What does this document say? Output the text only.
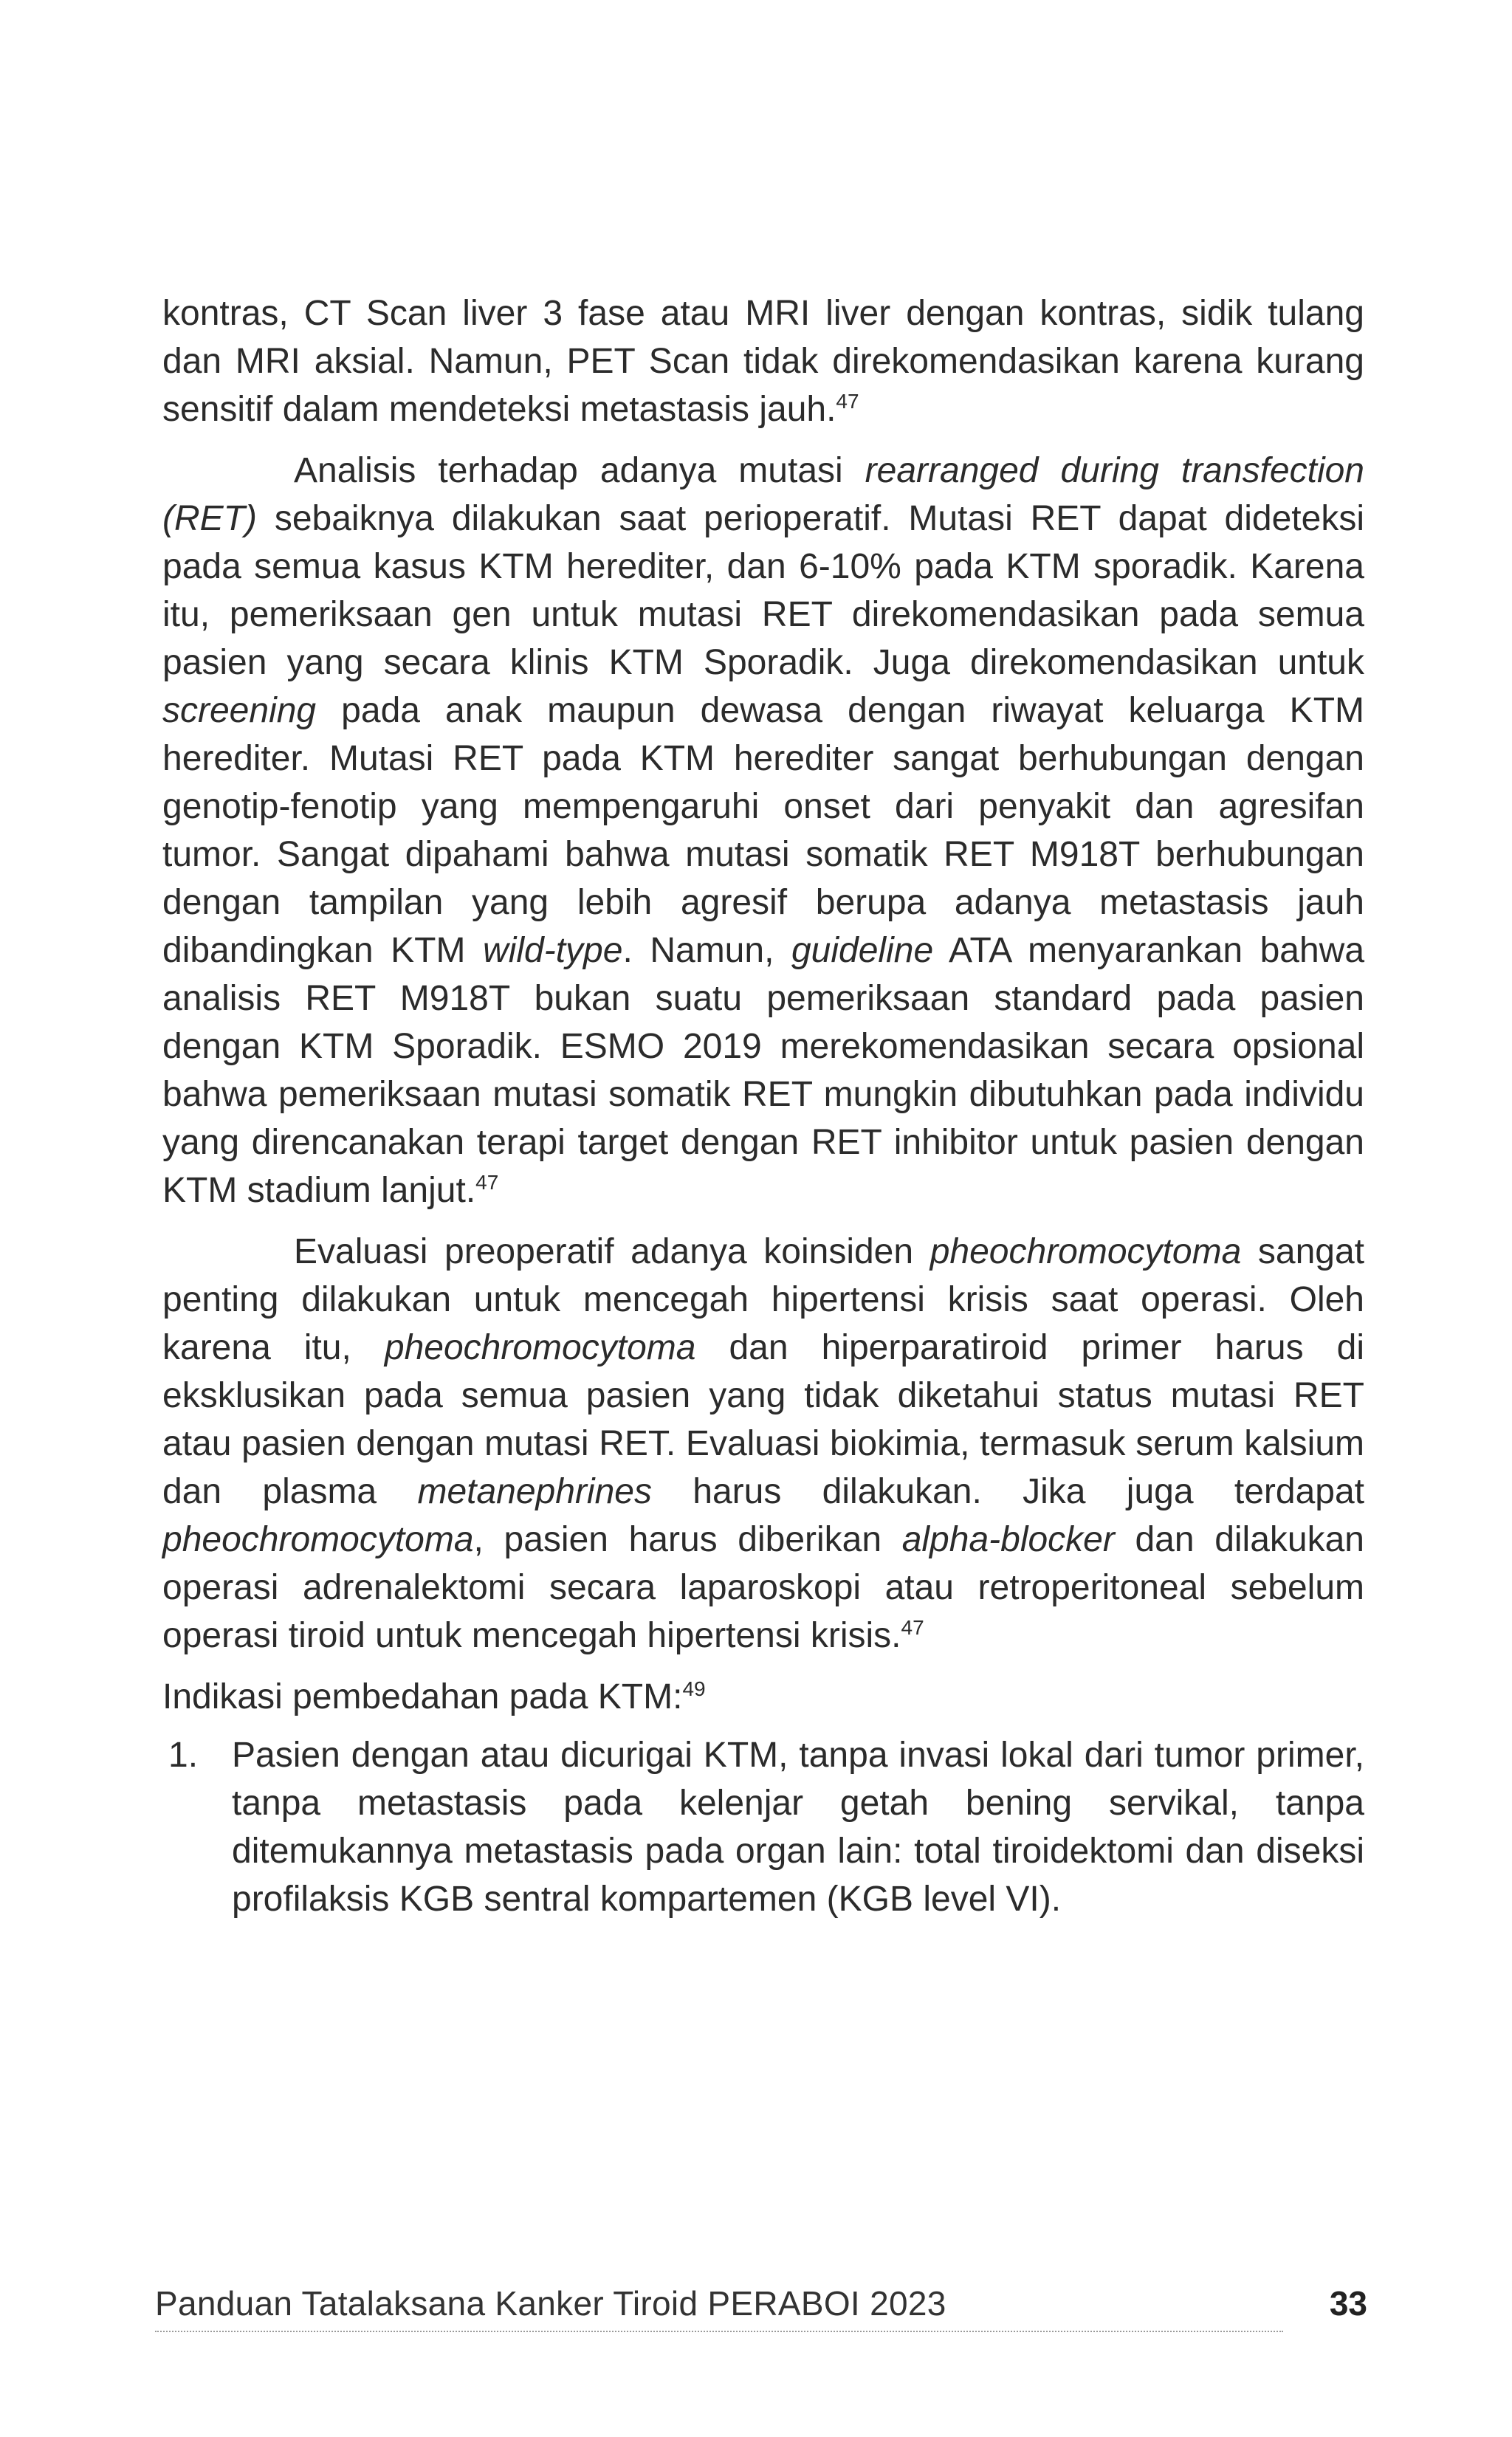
kontras, CT Scan liver 3 fase atau MRI liver dengan kontras, sidik tulang dan MRI aksial. Namun, PET Scan tidak direkomendasikan karena kurang sensitif dalam mendeteksi metastasis jauh.$^{47}$

Analisis terhadap adanya mutasi rearranged during transfection (RET) sebaiknya dilakukan saat perioperatif. Mutasi RET dapat dideteksi pada semua kasus KTM herediter, dan 6-10% pada KTM sporadik. Karena itu, pemeriksaan gen untuk mutasi RET direkomendasikan pada semua pasien yang secara klinis KTM Sporadik. Juga direkomendasikan untuk screening pada anak maupun dewasa dengan riwayat keluarga KTM herediter. Mutasi RET pada KTM herediter sangat berhubungan dengan genotip-fenotip yang mempengaruhi onset dari penyakit dan agresifan tumor. Sangat dipahami bahwa mutasi somatik RET M918T berhubungan dengan tampilan yang lebih agresif berupa adanya metastasis jauh dibandingkan KTM wild-type. Namun, guideline ATA menyarankan bahwa analisis RET M918T bukan suatu pemeriksaan standard pada pasien dengan KTM Sporadik. ESMO 2019 merekomendasikan secara opsional bahwa pemeriksaan mutasi somatik RET mungkin dibutuhkan pada individu yang direncanakan terapi target dengan RET inhibitor untuk pasien dengan KTM stadium lanjut.$^{47}$

Evaluasi preoperatif adanya koinsiden pheochromocytoma sangat penting dilakukan untuk mencegah hipertensi krisis saat operasi. Oleh karena itu, pheochromocytoma dan hiperparatiroid primer harus di eksklusikan pada semua pasien yang tidak diketahui status mutasi RET atau pasien dengan mutasi RET. Evaluasi biokimia, termasuk serum kalsium dan plasma metanephrines harus dilakukan. Jika juga terdapat pheochromocytoma, pasien harus diberikan alpha-blocker dan dilakukan operasi adrenalektomi secara laparoskopi atau retroperitoneal sebelum operasi tiroid untuk mencegah hipertensi krisis.$^{47}$

Indikasi pembedahan pada KTM:$^{49}$

1. Pasien dengan atau dicurigai KTM, tanpa invasi lokal dari tumor primer, tanpa metastasis pada kelenjar getah bening servikal, tanpa ditemukannya metastasis pada organ lain: total tiroidektomi dan diseksi profilaksis KGB sentral kompartemen (KGB level VI).
Panduan Tatalaksana Kanker Tiroid PERABOI 2023	33
